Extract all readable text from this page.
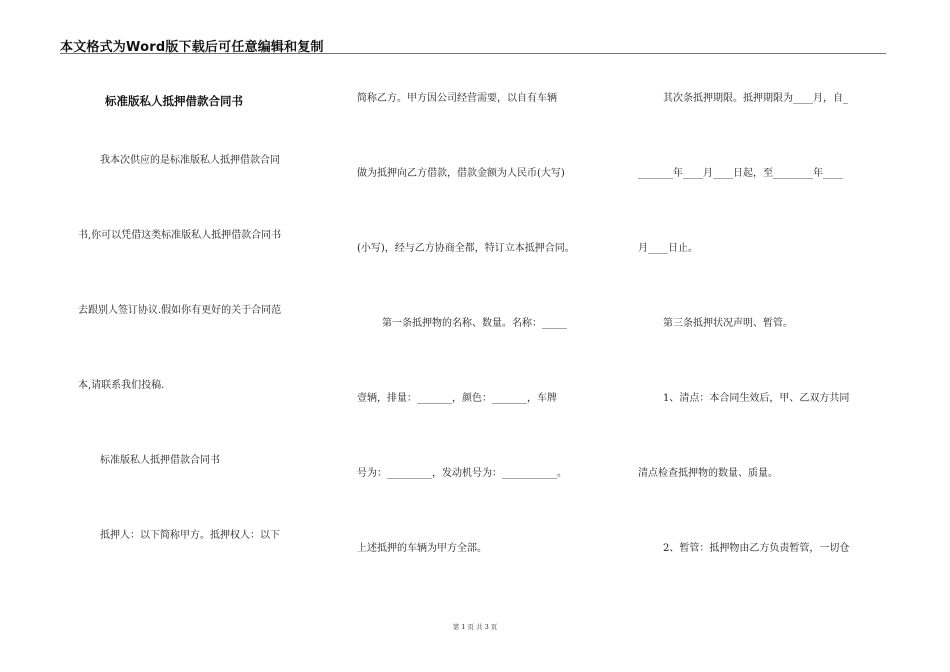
本文格式为Word版下载后可任意编辑和复制
标准版私人抵押借款合同书
我本次供应的是标准版私人抵押借款合同
书,你可以凭借这类标准版私人抵押借款合同书
去跟别人签订协议.假如你有更好的关于合同范
本,请联系我们投稿.
标准版私人抵押借款合同书
抵押人：以下简称甲方。抵押权人：以下
简称乙方。甲方因公司经营需要，以自有车辆
做为抵押向乙方借款，借款金额为人民币(大写)
(小写)，经与乙方协商全都，特订立本抵押合同。
第一条抵押物的名称、数量。名称：_____
壹辆，排量：_______，颜色：_______，车牌
号为：_________，发动机号为：___________。
上述抵押的车辆为甲方全部。
其次条抵押期限。抵押期限为____月，自_
_______年____月____日起，至________年____
月____日止。
第三条抵押状况声明、暂管。
1、清点：本合同生效后，甲、乙双方共同
清点检查抵押物的数量、质量。
2、暂管：抵押物由乙方负责暂管，一切仓
第 1 页 共 3 页
